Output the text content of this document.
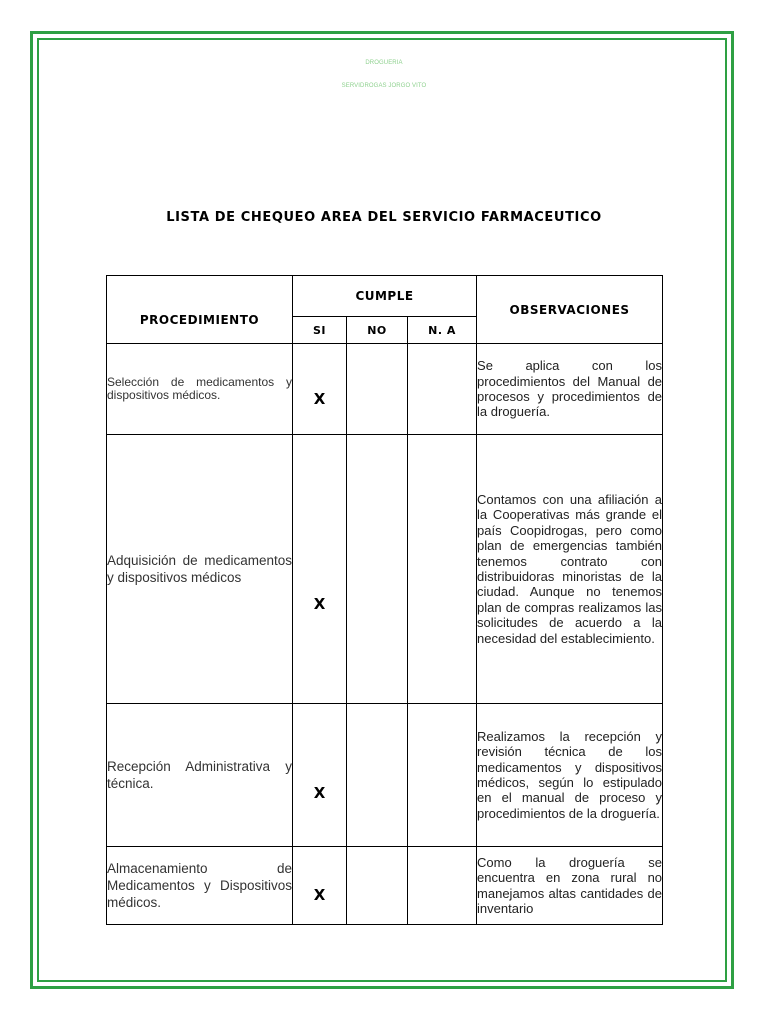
DROGUERIA
SERVIDROGAS JORGO VITO
LISTA DE CHEQUEO AREA DEL SERVICIO FARMACEUTICO
PROCEDIMIENTO	CUMPLE			OBSERVACIONES
	SI	NO	N. A	
Selección de medicamentos y dispositivos médicos.	X			Se aplica con los procedimientos del Manual de procesos y procedimientos de la droguería.
Adquisición de medicamentos y dispositivos médicos	X			Contamos con una afiliación a la Cooperativas más grande el país Coopidrogas, pero como plan de emergencias también tenemos contrato con distribuidoras minoristas de la ciudad. Aunque no tenemos plan de compras realizamos las solicitudes de acuerdo a la necesidad del establecimiento.
Recepción Administrativa y técnica.	X			Realizamos la recepción y revisión técnica de los medicamentos y dispositivos médicos, según lo estipulado en el manual de proceso y procedimientos de la droguería.
Almacenamiento de Medicamentos y Dispositivos médicos.	X			Como la droguería se encuentra en zona rural no manejamos altas cantidades de inventario
